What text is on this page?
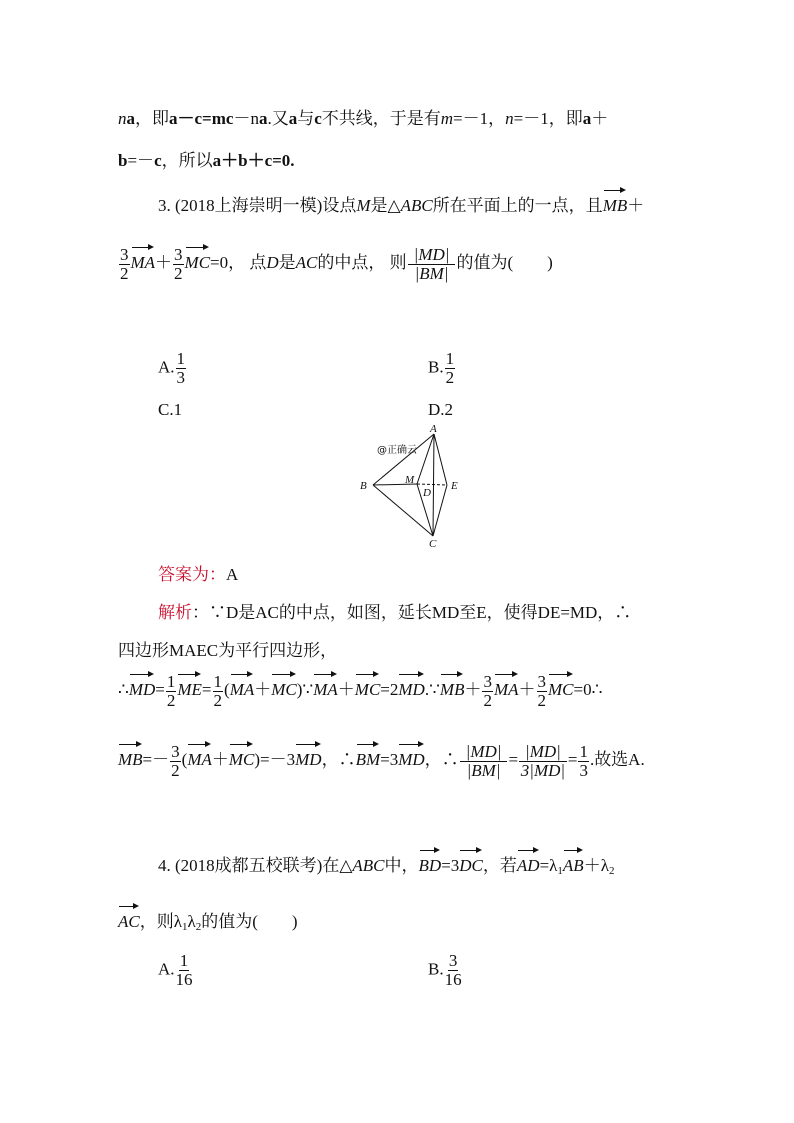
na，即a－c=mc－na.又a与c不共线，于是有m=－1，n=－1，即a＋
b=－c，所以a＋b＋c=0.
3. (2018上海崇明一模)设点M是△ABC所在平面上的一点，且MB＋
$\frac{3}{2} MA+ \frac{3}{2} MC=0$， 点D是AC的中点， 则 $\frac{|MD|}{|BM|}$ 的值为(　　)
A. $\frac{1}{3}$	B. $\frac{1}{2}$
C.1	D.2
@正确云
A
B	M
D
E
C
答案为：A
解析：∵D是AC的中点，如图，延长MD至E，使得DE=MD，∴
四边形MAEC为平行四边形，
∴MD= $\frac{1}{2} ME= \frac{1}{2}$ (MA＋MC)∵MA＋MC=2MD.∵MB＋ $\frac{3}{2} MA+ \frac{3}{2}$ MC=0∴
$MB=- \frac{3}{2} (MA+MC)=-3MD$，∴BM=3MD，∴ $\frac{|MD|}{|BM|} = \frac{|MD|}{3|MD|} = \frac{1}{3}$ .故选A.
4. (2018成都五校联考)在△ABC中，BD=3DC，若$AD=\lambda_1AB+\lambda_2$
AC，则$\lambda_1\lambda_2$的值为(　　)
A. $\frac{1}{16}$	B. $\frac{3}{16}$
